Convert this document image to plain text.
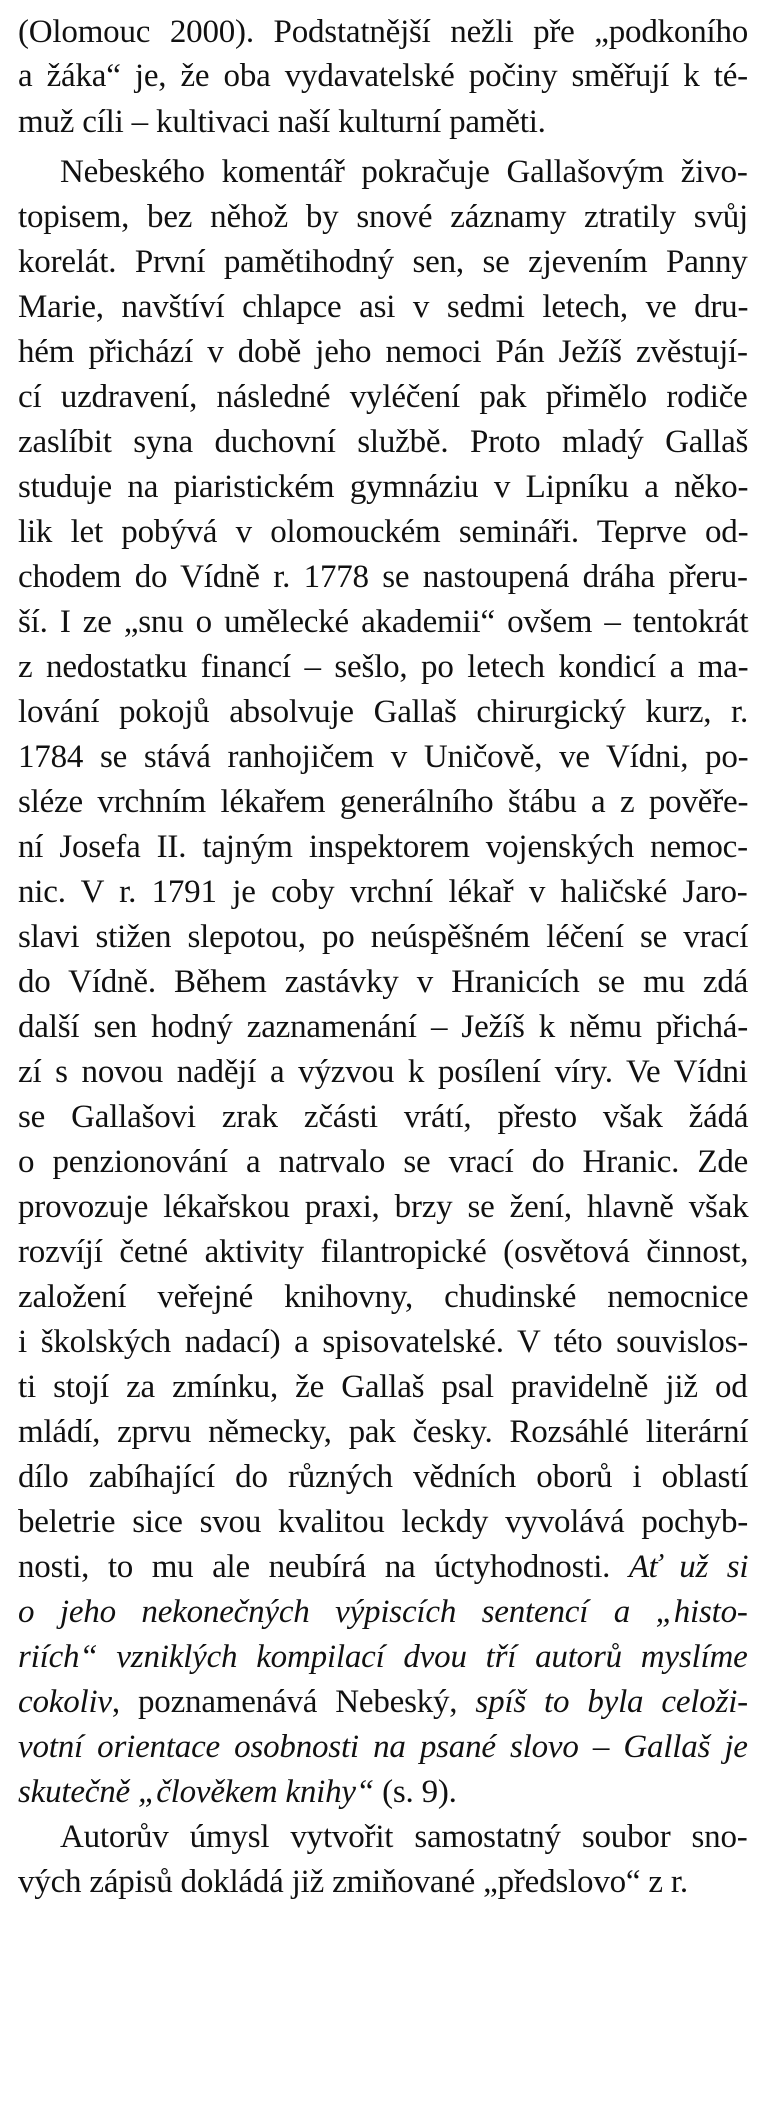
(Olomouc 2000). Podstatnější nežli pře „podkoního
a žáka“ je, že oba vydavatelské počiny směřují k té-
muž cíli – kultivaci naší kulturní paměti.
Nebeského komentář pokračuje Gallašovým živo-
topisem, bez něhož by snové záznamy ztratily svůj
korelát. První pamětihodný sen, se zjevením Panny
Marie, navštíví chlapce asi v sedmi letech, ve dru-
hém přichází v době jeho nemoci Pán Ježíš zvěstují-
cí uzdravení, následné vyléčení pak přimělo rodiče
zaslíbit syna duchovní službě. Proto mladý Gallaš
studuje na piaristickém gymnáziu v Lipníku a něko-
lik let pobývá v olomouckém semináři. Teprve od-
chodem do Vídně r. 1778 se nastoupená dráha přeru-
ší. I ze „snu o umělecké akademii“ ovšem – tentokrát
z nedostatku financí – sešlo, po letech kondicí a ma-
lování pokojů absolvuje Gallaš chirurgický kurz, r.
1784 se stává ranhojičem v Uničově, ve Vídni, po-
sléze vrchním lékařem generálního štábu a z pověře-
ní Josefa II. tajným inspektorem vojenských nemoc-
nic. V r. 1791 je coby vrchní lékař v haličské Jaro-
slavi stižen slepotou, po neúspěšném léčení se vrací
do Vídně. Během zastávky v Hranicích se mu zdá
další sen hodný zaznamenání – Ježíš k němu přichá-
zí s novou nadějí a výzvou k posílení víry. Ve Vídni
se Gallašovi zrak zčásti vrátí, přesto však žádá
o penzionování a natrvalo se vrací do Hranic. Zde
provozuje lékařskou praxi, brzy se žení, hlavně však
rozvíjí četné aktivity filantropické (osvětová činnost,
založení veřejné knihovny, chudinské nemocnice
i školských nadací) a spisovatelské. V této souvislos-
ti stojí za zmínku, že Gallaš psal pravidelně již od
mládí, zprvu německy, pak česky. Rozsáhlé literární
dílo zabíhající do různých vědních oborů i oblastí
beletrie sice svou kvalitou leckdy vyvolává pochyb-
nosti, to mu ale neubírá na úctyhodnosti. Ať už si
o jeho nekonečných výpiscích sentencí a „histo-
riích“ vzniklých kompilací dvou tří autorů myslíme
cokoliv, poznamenává Nebeský, spíš to byla celoži-
votní orientace osobnosti na psané slovo – Gallaš je
skutečně „člověkem knihy“ (s. 9).
Autorův úmysl vytvořit samostatný soubor sno-
vých zápisů dokládá již zmiňované „předslovo“ z r.
